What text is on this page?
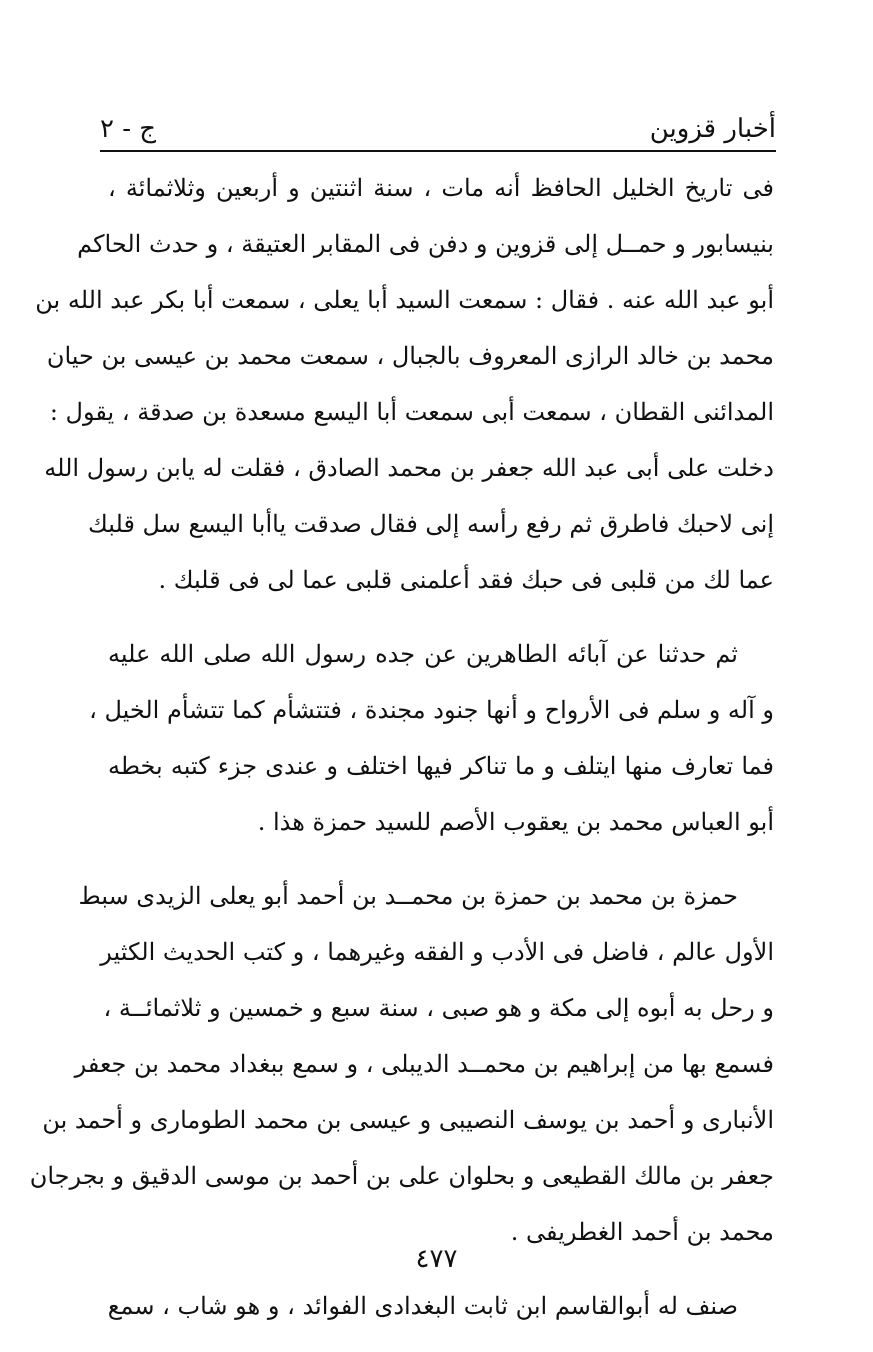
أخبار قزوين
ج - ٢
فى تاريخ الخليل الحافظ أنه مات ، سنة اثنتين و أربعين وثلاثمائة ،
بنيسابور و حمــل إلى قزوين و دفن فى المقابر العتيقة ، و حدث الحاكم
أبو عبد الله عنه . فقال : سمعت السيد أبا يعلى ، سمعت أبا بكر عبد الله بن
محمد بن خالد الرازى المعروف بالجبال ، سمعت محمد بن عيسى بن حيان
المدائنى القطان ، سمعت أبى سمعت أبا اليسع مسعدة بن صدقة ، يقول :
دخلت على أبى عبد الله جعفر بن محمد الصادق ، فقلت له يابن رسول الله
إنى لاحبك فاطرق ثم رفع رأسه إلى فقال صدقت ياأبا اليسع سل قلبك
عما لك من قلبى فى حبك فقد أعلمنى قلبى عما لى فى قلبك .
ثم حدثنا عن آبائه الطاهرين عن جده رسول الله صلى الله عليه
و آله و سلم فى الأرواح و أنها جنود مجندة ، فتتشأم كما تتشأم الخيل ،
فما تعارف منها ايتلف و ما تناكر فيها اختلف و عندى جزء كتبه بخطه
أبو العباس محمد بن يعقوب الأصم للسيد حمزة هذا .
حمزة بن محمد بن حمزة بن محمــد بن أحمد أبو يعلى الزيدى سبط
الأول عالم ، فاضل فى الأدب و الفقه وغيرهما ، و كتب الحديث الكثير
و رحل به أبوه إلى مكة و هو صبى ، سنة سبع و خمسين و ثلاثمائــة ،
فسمع بها من إبراهيم بن محمــد الديبلى ، و سمع ببغداد محمد بن جعفر
الأنبارى و أحمد بن يوسف النصيبى و عيسى بن محمد الطومارى و أحمد بن
جعفر بن مالك القطيعى و بحلوان على بن أحمد بن موسى الدقيق و بجرجان
محمد بن أحمد الغطريفى .
صنف له أبوالقاسم ابن ثابت البغدادى الفوائد ، و هو شاب ، سمع
٤٧٧
